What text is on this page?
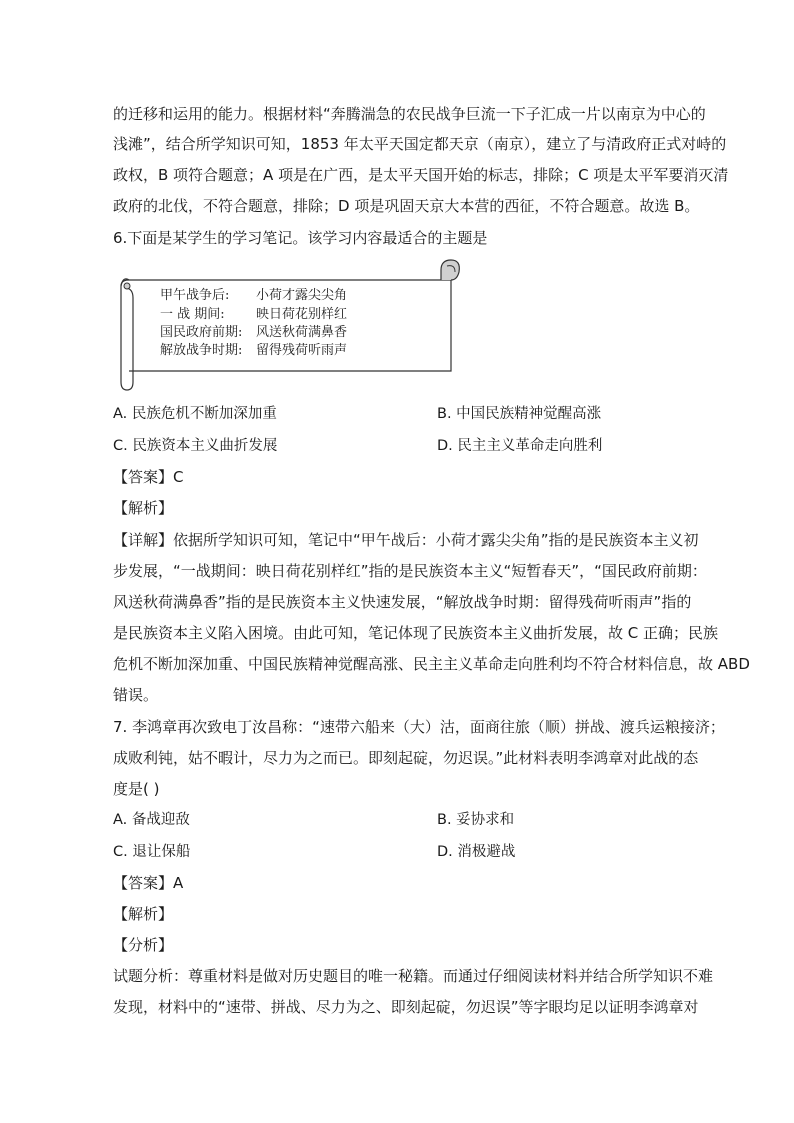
的迁移和运用的能力。根据材料“奔腾湍急的农民战争巨流一下子汇成一片以南京为中心的
浅滩”，结合所学知识可知，1853 年太平天国定都天京（南京），建立了与清政府正式对峙的
政权，B 项符合题意；A 项是在广西，是太平天国开始的标志，排除；C 项是太平军要消灭清
政府的北伐，不符合题意，排除；D 项是巩固天京大本营的西征，不符合题意。故选 B。
6.下面是某学生的学习笔记。该学习内容最适合的主题是
甲午战争后: 小荷才露尖尖角
一 战 期间: 映日荷花别样红
国民政府前期: 风送秋荷满鼻香
解放战争时期: 留得残荷听雨声
A. 民族危机不断加深加重	B. 中国民族精神觉醒高涨
C. 民族资本主义曲折发展	D. 民主主义革命走向胜利
【答案】C
【解析】
【详解】依据所学知识可知，笔记中“甲午战后：小荷才露尖尖角”指的是民族资本主义初
步发展，“一战期间：映日荷花别样红”指的是民族资本主义“短暂春天”，“国民政府前期：
风送秋荷满鼻香”指的是民族资本主义快速发展，“解放战争时期：留得残荷听雨声”指的
是民族资本主义陷入困境。由此可知，笔记体现了民族资本主义曲折发展，故 C 正确；民族
危机不断加深加重、中国民族精神觉醒高涨、民主主义革命走向胜利均不符合材料信息，故 ABD
错误。
7. 李鸿章再次致电丁汝昌称：“速带六船来（大）沽，面商往旅（顺）拼战、渡兵运粮接济；
成败利钝，姑不暇计，尽力为之而已。即刻起碇，勿迟误。”此材料表明李鸿章对此战的态
度是( )
A. 备战迎敌	B. 妥协求和
C. 退让保船	D. 消极避战
【答案】A
【解析】
【分析】
试题分析：尊重材料是做对历史题目的唯一秘籍。而通过仔细阅读材料并结合所学知识不难
发现，材料中的“速带、拼战、尽力为之、即刻起碇，勿迟误”等字眼均足以证明李鸿章对
